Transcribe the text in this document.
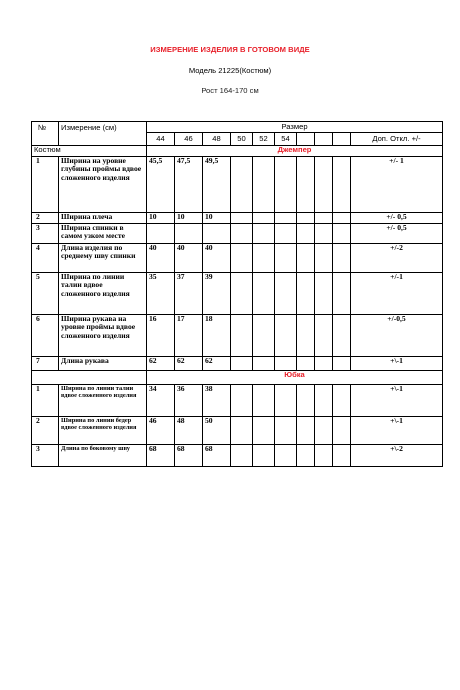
ИЗМЕРЕНИЕ ИЗДЕЛИЯ В ГОТОВОМ ВИДЕ
Модель 21225(Костюм)
Рост 164-170 см
№	Измерение (см)	Размер									
		44	46	48	50	52	54				Доп. Откл. +/-
Костюм		Джемпер									
1	Ширина на уровне глубины проймы вдвое сложенного изделия	45,5	47,5	49,5							+/- 1
2	Ширина плеча	10	10	10							+/- 0,5
3	Ширина спинки в самом узком месте										+/- 0,5
4	Длина изделия по среднему шву спинки	40	40	40							+/-2
5	Ширина по линии талии вдвое сложенного изделия	35	37	39							+/-1
6	Ширина рукава на уровне проймы вдвое сложенного изделия	16	17	18							+/-0,5
7	Длина рукава	62	62	62							+\-1
		Юбка									
1	Ширина по линии талии вдвое сложенного изделия	34	36	38							+\-1
2	Ширина по линии бедер вдвое сложенного изделия	46	48	50							+\-1
3	Длина по боковому шву	68	68	68							+\-2
